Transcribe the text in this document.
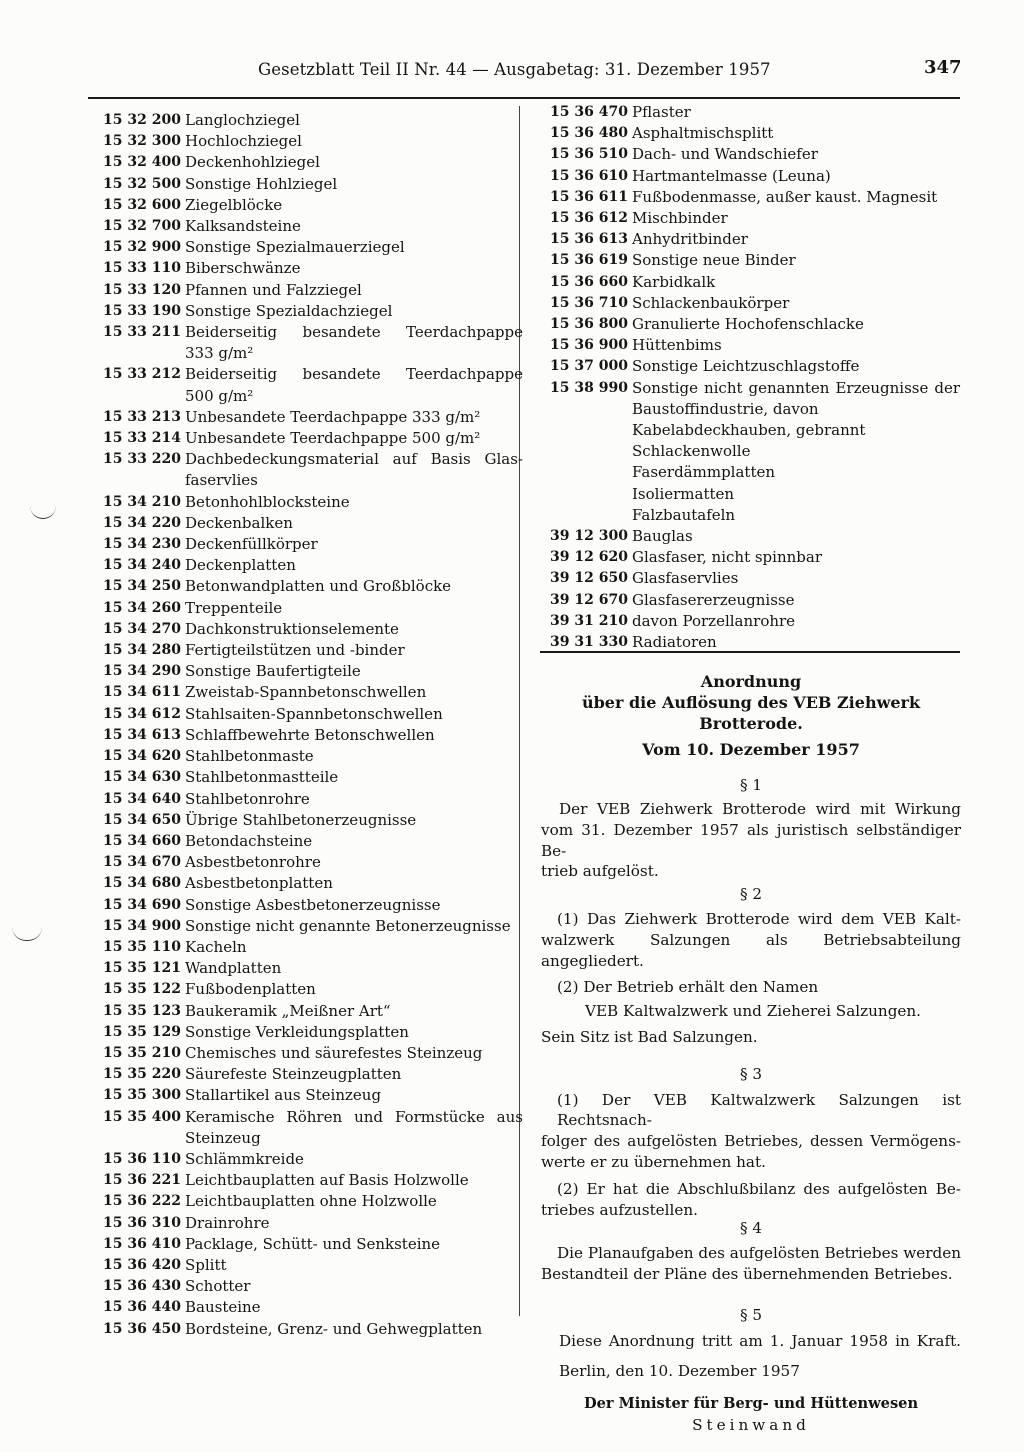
Gesetzblatt Teil II Nr. 44 — Ausgabetag: 31. Dezember 1957	347
15 32 200 Langlochziegel
15 32 300 Hochlochziegel
15 32 400 Deckenhohlziegel
15 32 500 Sonstige Hohlziegel
15 32 600 Ziegelblöcke
15 32 700 Kalksandsteine
15 32 900 Sonstige Spezialmauerziegel
15 33 110 Biberschwänze
15 33 120 Pfannen und Falzziegel
15 33 190 Sonstige Spezialdachziegel
15 33 211 Beiderseitig besandete Teerdachpappe
333 g/m²
15 33 212 Beiderseitig besandete Teerdachpappe
500 g/m²
15 33 213 Unbesandete Teerdachpappe 333 g/m²
15 33 214 Unbesandete Teerdachpappe 500 g/m²
15 33 220 Dachbedeckungsmaterial auf Basis Glas-
faservlies
15 34 210 Betonhohlblocksteine
15 34 220 Deckenbalken
15 34 230 Deckenfüllkörper
15 34 240 Deckenplatten
15 34 250 Betonwandplatten und Großblöcke
15 34 260 Treppenteile
15 34 270 Dachkonstruktionselemente
15 34 280 Fertigteilstützen und -binder
15 34 290 Sonstige Baufertigteile
15 34 611 Zweistab-Spannbetonschwellen
15 34 612 Stahlsaiten-Spannbetonschwellen
15 34 613 Schlaffbewehrte Betonschwellen
15 34 620 Stahlbetonmaste
15 34 630 Stahlbetonmastteile
15 34 640 Stahlbetonrohre
15 34 650 Übrige Stahlbetonerzeugnisse
15 34 660 Betondachsteine
15 34 670 Asbestbetonrohre
15 34 680 Asbestbetonplatten
15 34 690 Sonstige Asbestbetonerzeugnisse
15 34 900 Sonstige nicht genannte Betonerzeugnisse
15 35 110 Kacheln
15 35 121 Wandplatten
15 35 122 Fußbodenplatten
15 35 123 Baukeramik „Meißner Art“
15 35 129 Sonstige Verkleidungsplatten
15 35 210 Chemisches und säurefestes Steinzeug
15 35 220 Säurefeste Steinzeugplatten
15 35 300 Stallartikel aus Steinzeug
15 35 400 Keramische Röhren und Formstücke aus
Steinzeug
15 36 110 Schlämmkreide
15 36 221 Leichtbauplatten auf Basis Holzwolle
15 36 222 Leichtbauplatten ohne Holzwolle
15 36 310 Drainrohre
15 36 410 Packlage, Schütt- und Senksteine
15 36 420 Splitt
15 36 430 Schotter
15 36 440 Bausteine
15 36 450 Bordsteine, Grenz- und Gehwegplatten
15 36 470 Pflaster
15 36 480 Asphaltmischsplitt
15 36 510 Dach- und Wandschiefer
15 36 610 Hartmantelmasse (Leuna)
15 36 611 Fußbodenmasse, außer kaust. Magnesit
15 36 612 Mischbinder
15 36 613 Anhydritbinder
15 36 619 Sonstige neue Binder
15 36 660 Karbidkalk
15 36 710 Schlackenbaukörper
15 36 800 Granulierte Hochofenschlacke
15 36 900 Hüttenbims
15 37 000 Sonstige Leichtzuschlagstoffe
15 38 990 Sonstige nicht genannten Erzeugnisse der
Baustoffindustrie, davon
Kabelabdeckhauben, gebrannt
Schlackenwolle
Faserdämmplatten
Isoliermatten
Falzbautafeln
39 12 300 Bauglas
39 12 620 Glasfaser, nicht spinnbar
39 12 650 Glasfaservlies
39 12 670 Glasfasererzeugnisse
39 31 210 davon Porzellanrohre
39 31 330 Radiatoren
Anordnung
über die Auflösung des VEB Ziehwerk Brotterode.
Vom 10. Dezember 1957
§ 1
Der VEB Ziehwerk Brotterode wird mit Wirkung
vom 31. Dezember 1957 als juristisch selbständiger Be-
trieb aufgelöst.
§ 2
(1) Das Ziehwerk Brotterode wird dem VEB Kalt-
walzwerk Salzungen als Betriebsabteilung angegliedert.
(2) Der Betrieb erhält den Namen
VEB Kaltwalzwerk und Zieherei Salzungen.
Sein Sitz ist Bad Salzungen.
§ 3
(1) Der VEB Kaltwalzwerk Salzungen ist Rechtsnach-
folger des aufgelösten Betriebes, dessen Vermögens-
werte er zu übernehmen hat.
(2) Er hat die Abschlußbilanz des aufgelösten Be-
triebes aufzustellen.
§ 4
Die Planaufgaben des aufgelösten Betriebes werden
Bestandteil der Pläne des übernehmenden Betriebes.
§ 5
Diese Anordnung tritt am 1. Januar 1958 in Kraft.
Berlin, den 10. Dezember 1957
Der Minister für Berg- und Hüttenwesen
Steinwand
